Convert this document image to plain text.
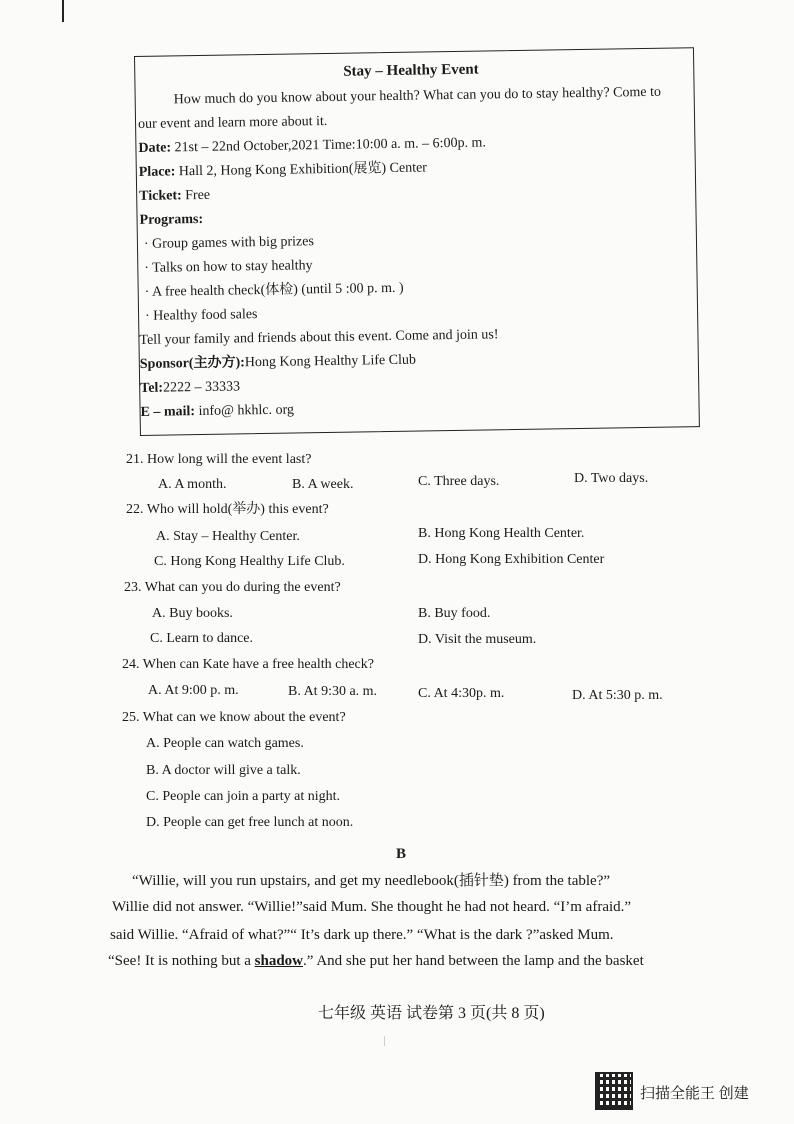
Stay – Healthy Event
How much do you know about your health? What can you do to stay healthy? Come to
our event and learn more about it.
Date: 21st – 22nd October,2021 Time:10:00 a. m. – 6:00p. m.
Place: Hall 2, Hong Kong Exhibition(展览) Center
Ticket: Free
Programs:
· Group games with big prizes
· Talks on how to stay healthy
· A free health check(体检) (until 5 :00 p. m. )
· Healthy food sales
Tell your family and friends about this event. Come and join us!
Sponsor(主办方):Hong Kong Healthy Life Club
Tel:2222 – 33333
E – mail: info@ hkhlc. org
21. How long will the event last?
A. A month.	B. A week.	C. Three days.	D. Two days.
22. Who will hold(举办) this event?
A. Stay – Healthy Center.	B. Hong Kong Health Center.
C. Hong Kong Healthy Life Club.	D. Hong Kong Exhibition Center
23. What can you do during the event?
A. Buy books.	B. Buy food.
C. Learn to dance.	D. Visit the museum.
24. When can Kate have a free health check?
A. At 9:00 p. m.	B. At 9:30 a. m.	C. At 4:30p. m.	D. At 5:30 p. m.
25. What can we know about the event?
A. People can watch games.
B. A doctor will give a talk.
C. People can join a party at night.
D. People can get free lunch at noon.
B
“Willie, will you run upstairs, and get my needlebook(插针垫) from the table?”
Willie did not answer. “Willie!”said Mum. She thought he had not heard. “I’m afraid.”
said Willie. “Afraid of what?”“ It’s dark up there.” “What is the dark ?”asked Mum.
“See! It is nothing but a shadow.” And she put her hand between the lamp and the basket
七年级 英语 试卷第 3 页(共 8 页)
扫描全能王 创建
